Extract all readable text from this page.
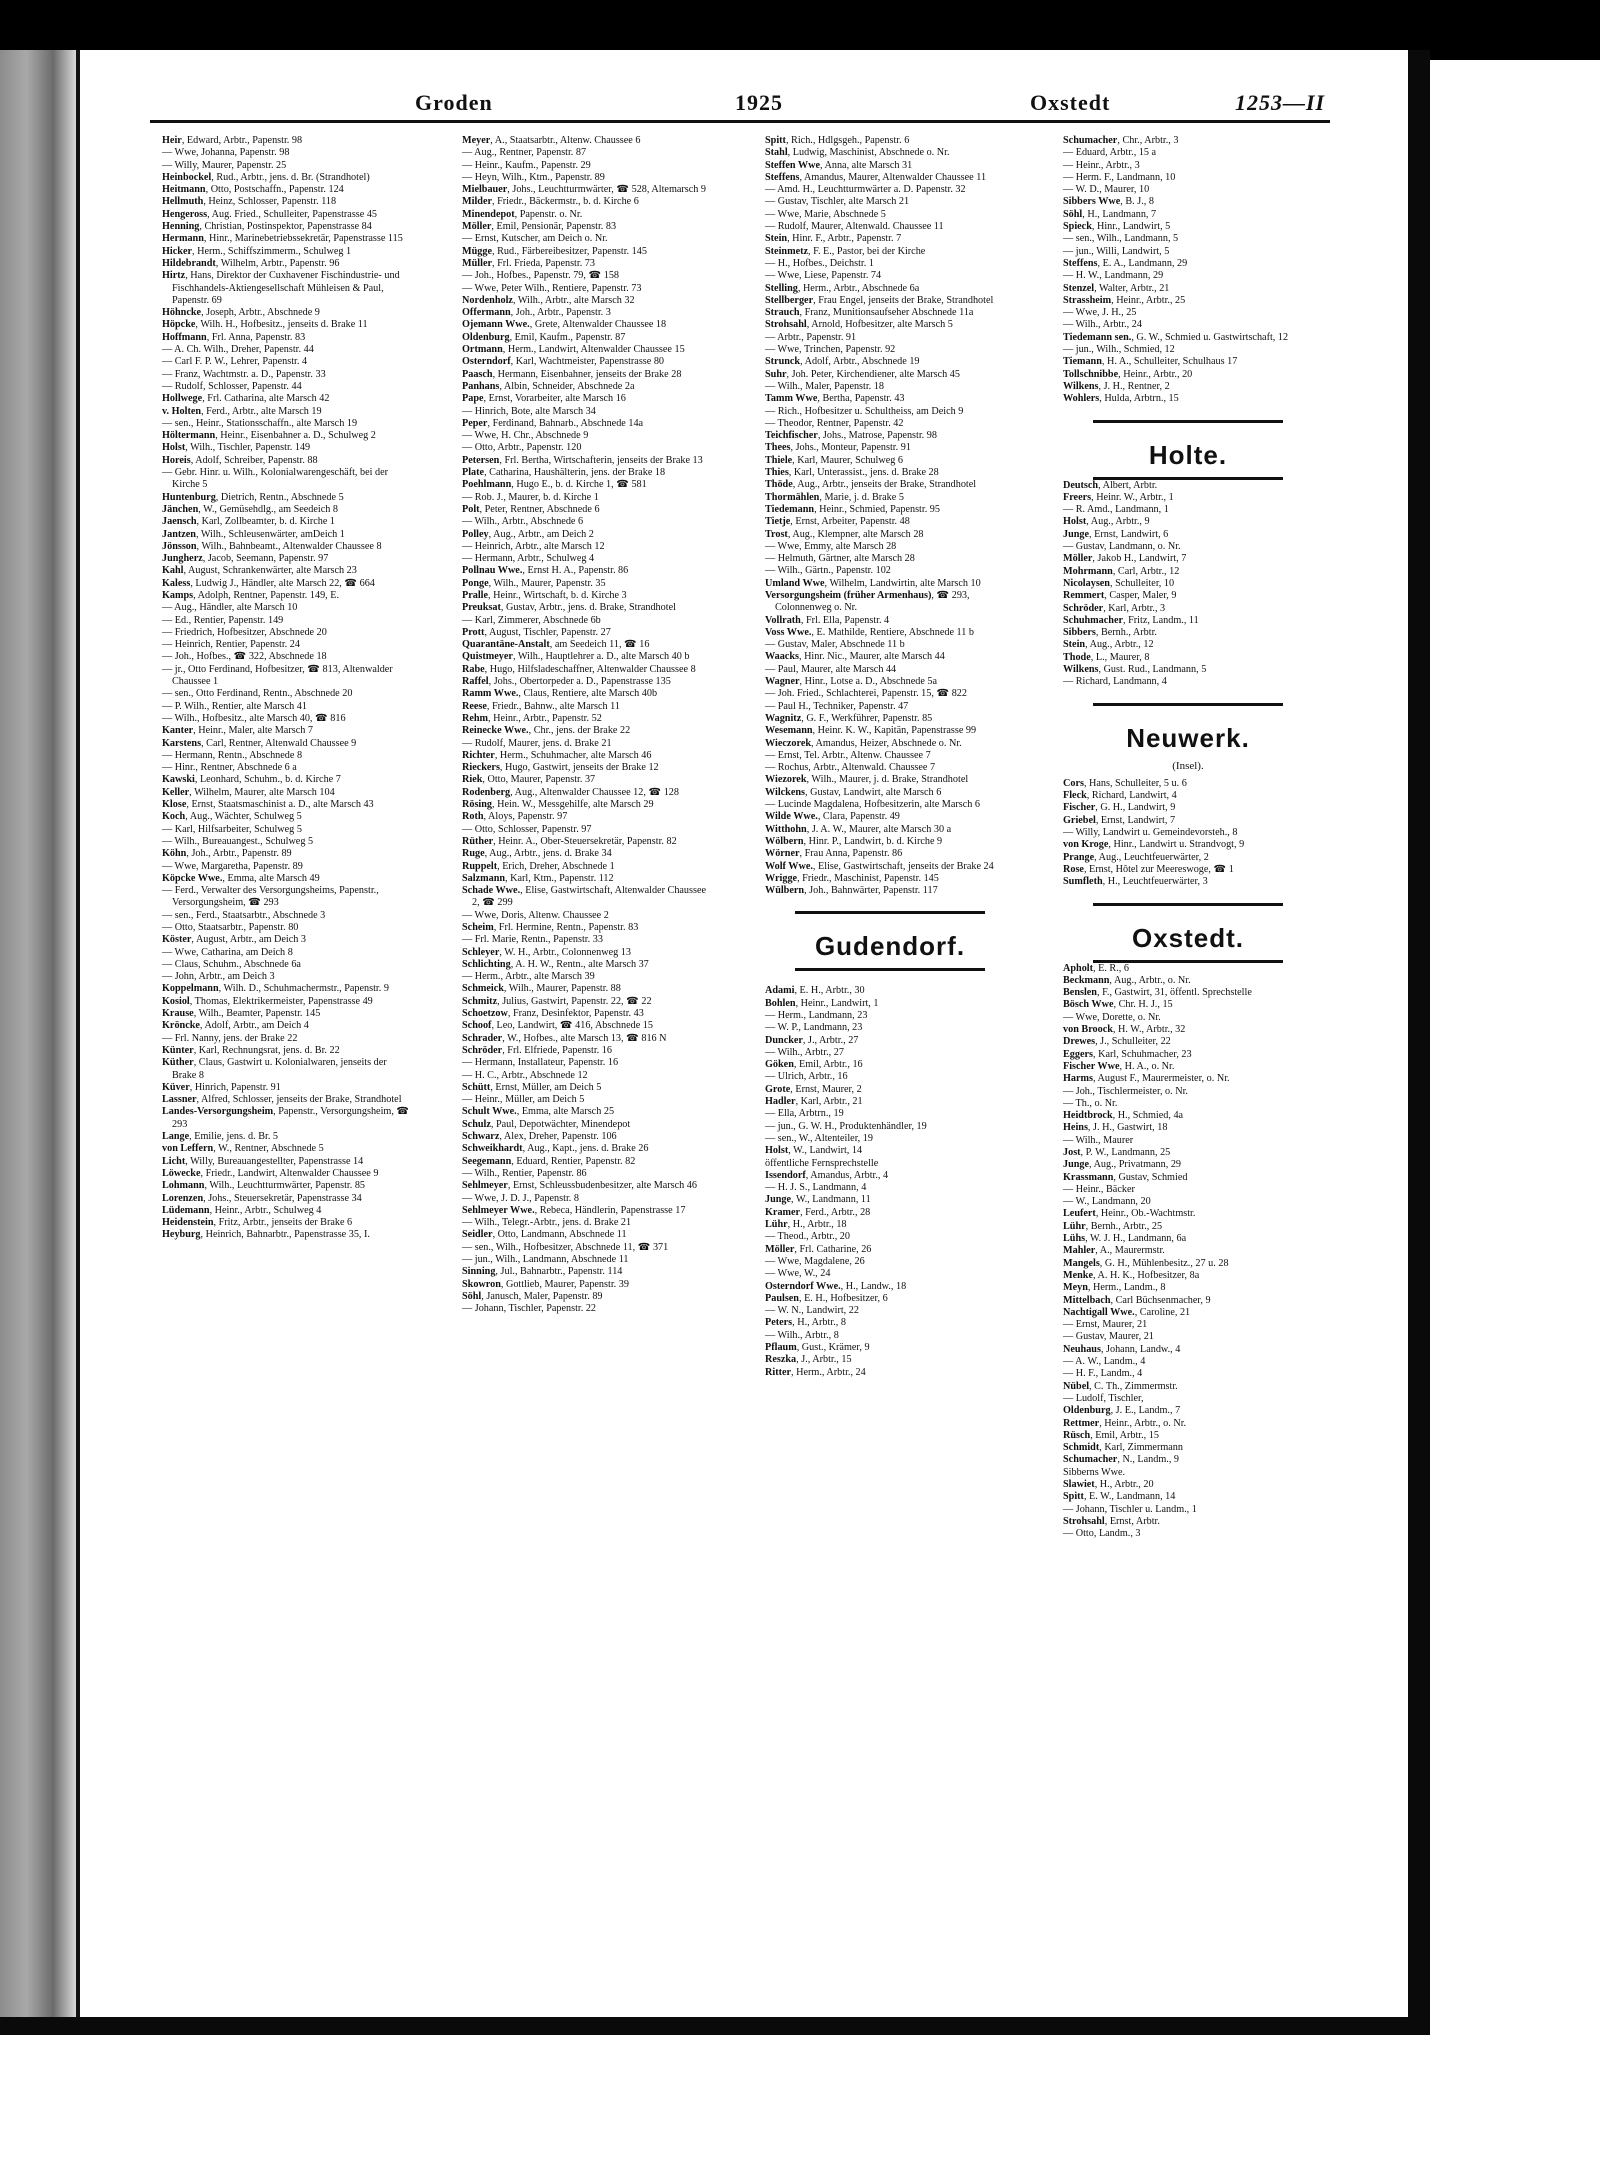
Groden	1925	Oxstedt	1253—II

Heir, Edward, Arbtr., Papenstr. 98

— Wwe, Johanna, Papenstr. 98

— Willy, Maurer, Papenstr. 25

Heinbockel, Rud., Arbtr., jens. d. Br. (Strandhotel)

Heitmann, Otto, Postschaffn., Papenstr. 124

Hellmuth, Heinz, Schlosser, Papenstr. 118

Hengeross, Aug. Fried., Schulleiter, Papenstrasse 45

Henning, Christian, Postinspektor, Papenstrasse 84

Hermann, Hinr., Marinebetriebssekretär, Papenstrasse 115

Hicker, Herm., Schiffszimmerm., Schulweg 1

Hildebrandt, Wilhelm, Arbtr., Papenstr. 96

Hirtz, Hans, Direktor der Cuxhavener Fischindustrie- und Fischhandels-Aktiengesellschaft Mühleisen & Paul, Papenstr. 69

Höhncke, Joseph, Arbtr., Abschnede 9

Höpcke, Wilh. H., Hofbesitz., jenseits d. Brake 11

Hoffmann, Frl. Anna, Papenstr. 83

— A. Ch. Wilh., Dreher, Papenstr. 44

— Carl F. P. W., Lehrer, Papenstr. 4

— Franz, Wachtmstr. a. D., Papenstr. 33

— Rudolf, Schlosser, Papenstr. 44

Hollwege, Frl. Catharina, alte Marsch 42

v. Holten, Ferd., Arbtr., alte Marsch 19

— sen., Heinr., Stationsschaffn., alte Marsch 19

Höltermann, Heinr., Eisenbahner a. D., Schulweg 2

Holst, Wilh., Tischler, Papenstr. 149

Horeis, Adolf, Schreiber, Papenstr. 88

— Gebr. Hinr. u. Wilh., Kolonialwarengeschäft, bei der Kirche 5

Huntenburg, Dietrich, Rentn., Abschnede 5

Jänchen, W., Gemüsehdlg., am Seedeich 8

Jaensch, Karl, Zollbeamter, b. d. Kirche 1

Jantzen, Wilh., Schleusenwärter, amDeich 1

Jönsson, Wilh., Bahnbeamt., Altenwalder Chaussee 8

Jungherz, Jacob, Seemann, Papenstr. 97

Kahl, August, Schrankenwärter, alte Marsch 23

Kaless, Ludwig J., Händler, alte Marsch 22, ☎ 664

Kamps, Adolph, Rentner, Papenstr. 149, E.

— Aug., Händler, alte Marsch 10

— Ed., Rentier, Papenstr. 149

— Friedrich, Hofbesitzer, Abschnede 20

— Heinrich, Rentier, Papenstr. 24

— Joh., Hofbes., ☎ 322, Abschnede 18

— jr., Otto Ferdinand, Hofbesitzer, ☎ 813, Altenwalder Chaussee 1

— sen., Otto Ferdinand, Rentn., Abschnede 20

— P. Wilh., Rentier, alte Marsch 41

— Wilh., Hofbesitz., alte Marsch 40, ☎ 816

Kanter, Heinr., Maler, alte Marsch 7

Karstens, Carl, Rentner, Altenwald Chaussee 9

— Hermann, Rentn., Abschnede 8

— Hinr., Rentner, Abschnede 6 a

Kawski, Leonhard, Schuhm., b. d. Kirche 7

Keller, Wilhelm, Maurer, alte Marsch 104

Klose, Ernst, Staatsmaschinist a. D., alte Marsch 43

Koch, Aug., Wächter, Schulweg 5

— Karl, Hilfsarbeiter, Schulweg 5

— Wilh., Bureauangest., Schulweg 5

Köhn, Joh., Arbtr., Papenstr. 89

— Wwe, Margaretha, Papenstr. 89

Köpcke Wwe., Emma, alte Marsch 49

— Ferd., Verwalter des Versorgungsheims, Papenstr., Versorgungsheim, ☎ 293

— sen., Ferd., Staatsarbtr., Abschnede 3

— Otto, Staatsarbtr., Papenstr. 80

Köster, August, Arbtr., am Deich 3

— Wwe, Catharina, am Deich 8

— Claus, Schuhm., Abschnede 6a

— John, Arbtr., am Deich 3

Koppelmann, Wilh. D., Schuhmachermstr., Papenstr. 9

Kosiol, Thomas, Elektrikermeister, Papenstrasse 49

Krause, Wilh., Beamter, Papenstr. 145

Kröncke, Adolf, Arbtr., am Deich 4

— Frl. Nanny, jens. der Brake 22

Künter, Karl, Rechnungsrat, jens. d. Br. 22

Küther, Claus, Gastwirt u. Kolonialwaren, jenseits der Brake 8

Küver, Hinrich, Papenstr. 91

Lassner, Alfred, Schlosser, jenseits der Brake, Strandhotel

Landes-Versorgungsheim, Papenstr., Versorgungsheim, ☎ 293

Lange, Emilie, jens. d. Br. 5

von Leffern, W., Rentner, Abschnede 5

Licht, Willy, Bureauangestellter, Papenstrasse 14

Löwecke, Friedr., Landwirt, Altenwalder Chaussee 9

Lohmann, Wilh., Leuchtturmwärter, Papenstr. 85

Lorenzen, Johs., Steuersekretär, Papenstrasse 34

Lüdemann, Heinr., Arbtr., Schulweg 4

Heidenstein, Fritz, Arbtr., jenseits der Brake 6

Heyburg, Heinrich, Bahnarbtr., Papenstrasse 35, I.

Meyer, A., Staatsarbtr., Altenw. Chaussee 6

— Aug., Rentner, Papenstr. 87

— Heinr., Kaufm., Papenstr. 29

— Heyn, Wilh., Ktm., Papenstr. 89

Mielbauer, Johs., Leuchtturmwärter, ☎ 528, Altemarsch 9

Milder, Friedr., Bäckermstr., b. d. Kirche 6

Minendepot, Papenstr. o. Nr.

Möller, Emil, Pensionär, Papenstr. 83

— Ernst, Kutscher, am Deich o. Nr.

Mügge, Rud., Färbereibesitzer, Papenstr. 145

Müller, Frl. Frieda, Papenstr. 73

— Joh., Hofbes., Papenstr. 79, ☎ 158

— Wwe, Peter Wilh., Rentiere, Papenstr. 73

Nordenholz, Wilh., Arbtr., alte Marsch 32

Offermann, Joh., Arbtr., Papenstr. 3

Ojemann Wwe., Grete, Altenwalder Chaussee 18

Oldenburg, Emil, Kaufm., Papenstr. 87

Ortmann, Herm., Landwirt, Altenwalder Chaussee 15

Osterndorf, Karl, Wachtmeister, Papenstrasse 80

Paasch, Hermann, Eisenbahner, jenseits der Brake 28

Panhans, Albin, Schneider, Abschnede 2a

Pape, Ernst, Vorarbeiter, alte Marsch 16

— Hinrich, Bote, alte Marsch 34

Peper, Ferdinand, Bahnarb., Abschnede 14a

— Wwe, H. Chr., Abschnede 9

— Otto, Arbtr., Papenstr. 120

Petersen, Frl. Bertha, Wirtschafterin, jenseits der Brake 13

Plate, Catharina, Haushälterin, jens. der Brake 18

Poehlmann, Hugo E., b. d. Kirche 1, ☎ 581

— Rob. J., Maurer, b. d. Kirche 1

Polt, Peter, Rentner, Abschnede 6

— Wilh., Arbtr., Abschnede 6

Polley, Aug., Arbtr., am Deich 2

— Heinrich, Arbtr., alte Marsch 12

— Hermann, Arbtr., Schulweg 4

Pollnau Wwe., Ernst H. A., Papenstr. 86

Ponge, Wilh., Maurer, Papenstr. 35

Pralle, Heinr., Wirtschaft, b. d. Kirche 3

Preuksat, Gustav, Arbtr., jens. d. Brake, Strandhotel

— Karl, Zimmerer, Abschnede 6b

Prott, August, Tischler, Papenstr. 27

Quarantäne-Anstalt, am Seedeich 11, ☎ 16

Quistmeyer, Wilh., Hauptlehrer a. D., alte Marsch 40 b

Rabe, Hugo, Hilfsladeschaffner, Altenwalder Chaussee 8

Raffel, Johs., Obertorpeder a. D., Papenstrasse 135

Ramm Wwe., Claus, Rentiere, alte Marsch 40b

Reese, Friedr., Bahnw., alte Marsch 11

Rehm, Heinr., Arbtr., Papenstr. 52

Reinecke Wwe., Chr., jens. der Brake 22

— Rudolf, Maurer, jens. d. Brake 21

Richter, Herm., Schuhmacher, alte Marsch 46

Rieckers, Hugo, Gastwirt, jenseits der Brake 12

Riek, Otto, Maurer, Papenstr. 37

Rodenberg, Aug., Altenwalder Chaussee 12, ☎ 128

Rösing, Hein. W., Messgehilfe, alte Marsch 29

Roth, Aloys, Papenstr. 97

— Otto, Schlosser, Papenstr. 97

Rüther, Heinr. A., Ober-Steuersekretär, Papenstr. 82

Ruge, Aug., Arbtr., jens. d. Brake 34

Ruppelt, Erich, Dreher, Abschnede 1

Salzmann, Karl, Ktm., Papenstr. 112

Schade Wwe., Elise, Gastwirtschaft, Altenwalder Chaussee 2, ☎ 299

— Wwe, Doris, Altenw. Chaussee 2

Scheim, Frl. Hermine, Rentn., Papenstr. 83

— Frl. Marie, Rentn., Papenstr. 33

Schleyer, W. H., Arbtr., Colonnenweg 13

Schlichting, A. H. W., Rentn., alte Marsch 37

— Herm., Arbtr., alte Marsch 39

Schmeick, Wilh., Maurer, Papenstr. 88

Schmitz, Julius, Gastwirt, Papenstr. 22, ☎ 22

Schoetzow, Franz, Desinfektor, Papenstr. 43

Schoof, Leo, Landwirt, ☎ 416, Abschnede 15

Schrader, W., Hofbes., alte Marsch 13, ☎ 816 N

Schröder, Frl. Elfriede, Papenstr. 16

— Hermann, Installateur, Papenstr. 16

— H. C., Arbtr., Abschnede 12

Schütt, Ernst, Müller, am Deich 5

— Heinr., Müller, am Deich 5

Schult Wwe., Emma, alte Marsch 25

Schulz, Paul, Depotwächter, Minendepot

Schwarz, Alex, Dreher, Papenstr. 106

Schweikhardt, Aug., Kapt., jens. d. Brake 26

Seegemann, Eduard, Rentier, Papenstr. 82

— Wilh., Rentier, Papenstr. 86

Sehlmeyer, Ernst, Schleussbudenbesitzer, alte Marsch 46

— Wwe, J. D. J., Papenstr. 8

Sehlmeyer Wwe., Rebeca, Händlerin, Papenstrasse 17

— Wilh., Telegr.-Arbtr., jens. d. Brake 21

Seidler, Otto, Landmann, Abschnede 11

— sen., Wilh., Hofbesitzer, Abschnede 11, ☎ 371

— jun., Wilh., Landmann, Abschnede 11

Sinning, Jul., Bahnarbtr., Papenstr. 114

Skowron, Gottlieb, Maurer, Papenstr. 39

Söhl, Janusch, Maler, Papenstr. 89

— Johann, Tischler, Papenstr. 22

Spitt, Rich., Hdlgsgeh., Papenstr. 6

Stahl, Ludwig, Maschinist, Abschnede o. Nr.

Steffen Wwe, Anna, alte Marsch 31

Steffens, Amandus, Maurer, Altenwalder Chaussee 11

— Amd. H., Leuchtturmwärter a. D. Papenstr. 32

— Gustav, Tischler, alte Marsch 21

— Wwe, Marie, Abschnede 5

— Rudolf, Maurer, Altenwald. Chaussee 11

Stein, Hinr. F., Arbtr., Papenstr. 7

Steinmetz, F. E., Pastor, bei der Kirche

— H., Hofbes., Deichstr. 1

— Wwe, Liese, Papenstr. 74

Stelling, Herm., Arbtr., Abschnede 6a

Stellberger, Frau Engel, jenseits der Brake, Strandhotel

Strauch, Franz, Munitionsaufseher Abschnede 11a

Strohsahl, Arnold, Hofbesitzer, alte Marsch 5

— Arbtr., Papenstr. 91

— Wwe, Trinchen, Papenstr. 92

Strunck, Adolf, Arbtr., Abschnede 19

Suhr, Joh. Peter, Kirchendiener, alte Marsch 45

— Wilh., Maler, Papenstr. 18

Tamm Wwe, Bertha, Papenstr. 43

— Rich., Hofbesitzer u. Schultheiss, am Deich 9

— Theodor, Rentner, Papenstr. 42

Teichfischer, Johs., Matrose, Papenstr. 98

Thees, Johs., Monteur, Papenstr. 91

Thiele, Karl, Maurer, Schulweg 6

Thies, Karl, Unterassist., jens. d. Brake 28

Thöde, Aug., Arbtr., jenseits der Brake, Strandhotel

Thormählen, Marie, j. d. Brake 5

Tiedemann, Heinr., Schmied, Papenstr. 95

Tietje, Ernst, Arbeiter, Papenstr. 48

Trost, Aug., Klempner, alte Marsch 28

— Wwe, Emmy, alte Marsch 28

— Helmuth, Gärtner, alte Marsch 28

— Wilh., Gärtn., Papenstr. 102

Umland Wwe, Wilhelm, Landwirtin, alte Marsch 10

Versorgungsheim (früher Armenhaus), ☎ 293, Colonnenweg o. Nr.

Vollrath, Frl. Ella, Papenstr. 4

Voss Wwe., E. Mathilde, Rentiere, Abschnede 11 b

— Gustav, Maler, Abschnede 11 b

Waacks, Hinr. Nic., Maurer, alte Marsch 44

— Paul, Maurer, alte Marsch 44

Wagner, Hinr., Lotse a. D., Abschnede 5a

— Joh. Fried., Schlachterei, Papenstr. 15, ☎ 822

— Paul H., Techniker, Papenstr. 47

Wagnitz, G. F., Werkführer, Papenstr. 85

Wesemann, Heinr. K. W., Kapitän, Papenstrasse 99

Wieczorek, Amandus, Heizer, Abschnede o. Nr.

— Ernst, Tel. Arbtr., Altenw. Chaussee 7

— Rochus, Arbtr., Altenwald. Chaussee 7

Wiezorek, Wilh., Maurer, j. d. Brake, Strandhotel

Wilckens, Gustav, Landwirt, alte Marsch 6

— Lucinde Magdalena, Hofbesitzerin, alte Marsch 6

Wilde Wwe., Clara, Papenstr. 49

Witthohn, J. A. W., Maurer, alte Marsch 30 a

Wölbern, Hinr. P., Landwirt, b. d. Kirche 9

Wörner, Frau Anna, Papenstr. 86

Wolf Wwe., Elise, Gastwirtschaft, jenseits der Brake 24

Wrigge, Friedr., Maschinist, Papenstr. 145

Wülbern, Joh., Bahnwärter, Papenstr. 117

Gudendorf.

Adami, E. H., Arbtr., 30

Bohlen, Heinr., Landwirt, 1

— Herm., Landmann, 23

— W. P., Landmann, 23

Duncker, J., Arbtr., 27

— Wilh., Arbtr., 27

Göken, Emil, Arbtr., 16

— Ulrich, Arbtr., 16

Grote, Ernst, Maurer, 2

Hadler, Karl, Arbtr., 21

— Ella, Arbtrn., 19

— jun., G. W. H., Produktenhändler, 19

— sen., W., Altenteiler, 19

Holst, W., Landwirt, 14

öffentliche Fernsprechstelle

Issendorf, Amandus, Arbtr., 4

— H. J. S., Landmann, 4

Junge, W., Landmann, 11

Kramer, Ferd., Arbtr., 28

Lühr, H., Arbtr., 18

— Theod., Arbtr., 20

Möller, Frl. Catharine, 26

— Wwe, Magdalene, 26

— Wwe, W., 24

Osterndorf Wwe., H., Landw., 18

Paulsen, E. H., Hofbesitzer, 6

— W. N., Landwirt, 22

Peters, H., Arbtr., 8

— Wilh., Arbtr., 8

Pflaum, Gust., Krämer, 9

Reszka, J., Arbtr., 15

Ritter, Herm., Arbtr., 24

Schumacher, Chr., Arbtr., 3

— Eduard, Arbtr., 15 a

— Heinr., Arbtr., 3

— Herm. F., Landmann, 10

— W. D., Maurer, 10

Sibbers Wwe, B. J., 8

Söhl, H., Landmann, 7

Spieck, Hinr., Landwirt, 5

— sen., Wilh., Landmann, 5

— jun., Willi, Landwirt, 5

Steffens, E. A., Landmann, 29

— H. W., Landmann, 29

Stenzel, Walter, Arbtr., 21

Strassheim, Heinr., Arbtr., 25

— Wwe, J. H., 25

— Wilh., Arbtr., 24

Tiedemann sen., G. W., Schmied u. Gastwirtschaft, 12

— jun., Wilh., Schmied, 12

Tiemann, H. A., Schulleiter, Schulhaus 17

Tollschnibbe, Heinr., Arbtr., 20

Wilkens, J. H., Rentner, 2

Wohlers, Hulda, Arbtrn., 15

Holte.

Deutsch, Albert, Arbtr.

Freers, Heinr. W., Arbtr., 1

— R. Amd., Landmann, 1

Holst, Aug., Arbtr., 9

Junge, Ernst, Landwirt, 6

— Gustav, Landmann, o. Nr.

Möller, Jakob H., Landwirt, 7

Mohrmann, Carl, Arbtr., 12

Nicolaysen, Schulleiter, 10

Remmert, Casper, Maler, 9

Schröder, Karl, Arbtr., 3

Schuhmacher, Fritz, Landm., 11

Sibbers, Bernh., Arbtr.

Stein, Aug., Arbtr., 12

Thode, L., Maurer, 8

Wilkens, Gust. Rud., Landmann, 5

— Richard, Landmann, 4

Neuwerk.
(Insel).

Cors, Hans, Schulleiter, 5 u. 6

Fleck, Richard, Landwirt, 4

Fischer, G. H., Landwirt, 9

Griebel, Ernst, Landwirt, 7

— Willy, Landwirt u. Gemeindevorsteh., 8

von Kroge, Hinr., Landwirt u. Strandvogt, 9

Prange, Aug., Leuchtfeuerwärter, 2

Rose, Ernst, Hôtel zur Meereswoge, ☎ 1

Sumfleth, H., Leuchtfeuerwärter, 3

Oxstedt.

Apholt, E. R., 6

Beckmann, Aug., Arbtr., o. Nr.

Benslen, F., Gastwirt, 31, öffentl. Sprechstelle

Bösch Wwe, Chr. H. J., 15

— Wwe, Dorette, o. Nr.

von Broock, H. W., Arbtr., 32

Drewes, J., Schulleiter, 22

Eggers, Karl, Schuhmacher, 23

Fischer Wwe, H. A., o. Nr.

Harms, August F., Maurermeister, o. Nr.

— Joh., Tischlermeister, o. Nr.

— Th., o. Nr.

Heidtbrock, H., Schmied, 4a

Heins, J. H., Gastwirt, 18

— Wilh., Maurer

Jost, P. W., Landmann, 25

Junge, Aug., Privatmann, 29

Krassmann, Gustav, Schmied

— Heinr., Bäcker

— W., Landmann, 20

Leufert, Heinr., Ob.-Wachtmstr.

Lühr, Bernh., Arbtr., 25

Lühs, W. J. H., Landmann, 6a

Mahler, A., Maurermstr.

Mangels, G. H., Mühlenbesitz., 27 u. 28

Menke, A. H. K., Hofbesitzer, 8a

Meyn, Herm., Landm., 8

Mittelbach, Carl Büchsenmacher, 9

Nachtigall Wwe., Caroline, 21

— Ernst, Maurer, 21

— Gustav, Maurer, 21

Neuhaus, Johann, Landw., 4

— A. W., Landm., 4

— H. F., Landm., 4

Nübel, C. Th., Zimmermstr.

— Ludolf, Tischler,

Oldenburg, J. E., Landm., 7

Rettmer, Heinr., Arbtr., o. Nr.

Rüsch, Emil, Arbtr., 15

Schmidt, Karl, Zimmermann

Schumacher, N., Landm., 9

Sibberns Wwe.

Slawiet, H., Arbtr., 20

Spitt, E. W., Landmann, 14

— Johann, Tischler u. Landm., 1

Strohsahl, Ernst, Arbtr.

— Otto, Landm., 3
